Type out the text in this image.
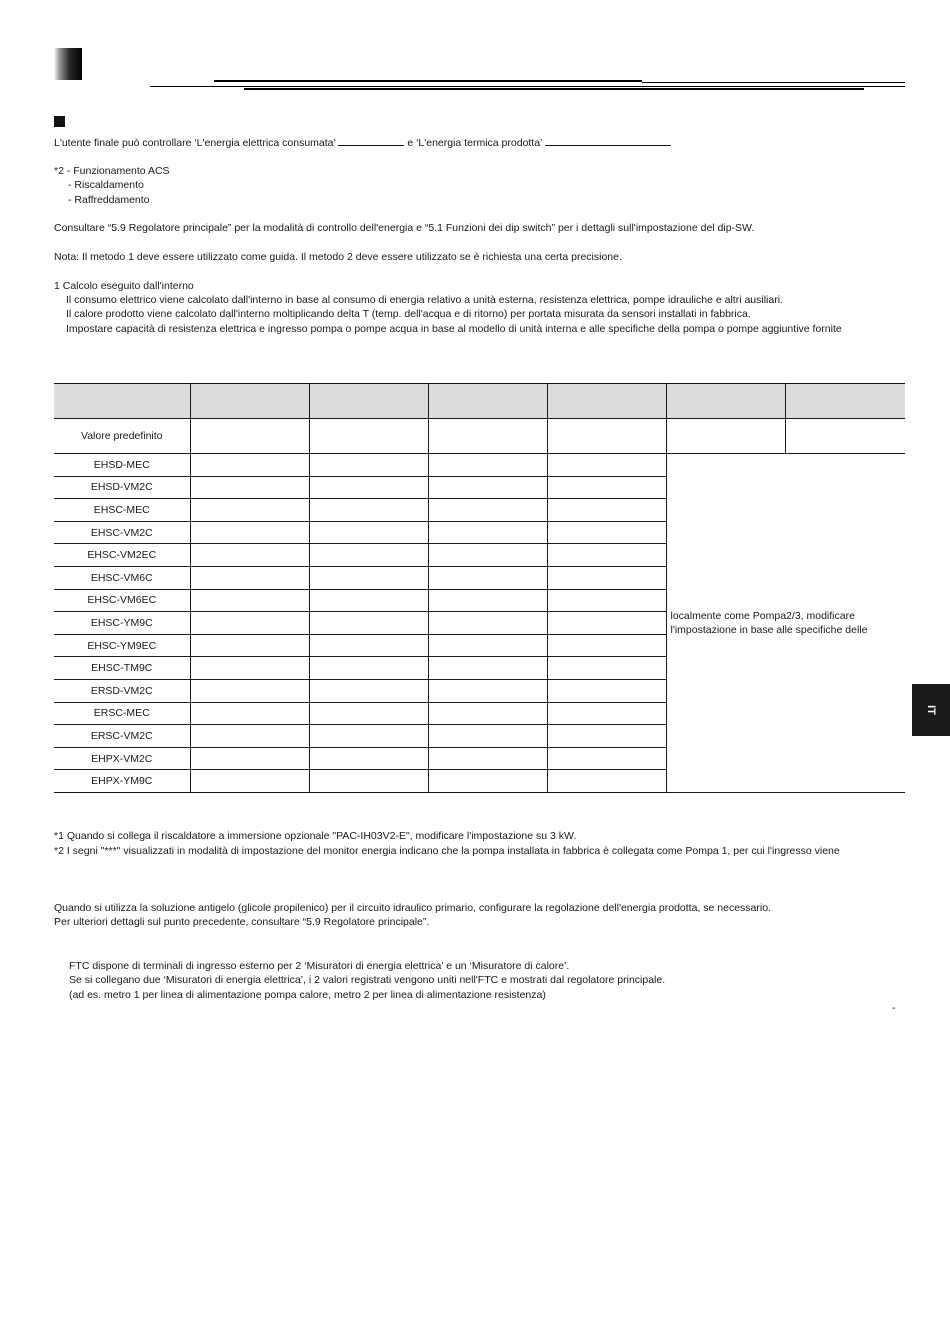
L'utente finale può controllare ‘L'energia elettrica consumata’	e ‘L'energia termica prodotta’
*2 - Funzionamento ACS
- Riscaldamento
- Raffreddamento
Consultare “5.9 Regolatore principale” per la modalità di controllo dell'energia e “5.1 Funzioni dei dip switch” per i dettagli sull'impostazione del dip-SW.
Nota: Il metodo 1 deve essere utilizzato come guida. Il metodo 2 deve essere utilizzato se è richiesta una certa precisione.
1 Calcolo eseguito dall'interno
Il consumo elettrico viene calcolato dall'interno in base al consumo di energia relativo a unità esterna, resistenza elettrica, pompe idrauliche e altri ausiliari.
Il calore prodotto viene calcolato dall'interno moltiplicando delta T (temp. dell'acqua e di ritorno) per portata misurata da sensori installati in fabbrica.
Impostare capacità di resistenza elettrica e ingresso pompa o pompe acqua in base al modello di unità interna e alle specifiche della pompa o pompe aggiuntive fornite

Valore predefinito						
EHSD-MEC					localmente come Pompa2/3, modificare
l'impostazione in base alle specifiche delle	

EHSD-VM2C						
EHSC-MEC						
EHSC-VM2C						
EHSC-VM2EC						
EHSC-VM6C						
EHSC-VM6EC						
EHSC-YM9C						
EHSC-YM9EC						
EHSC-TM9C						
ERSD-VM2C						
ERSC-MEC						
ERSC-VM2C						
EHPX-VM2C						
EHPX-YM9C						
*1 Quando si collega il riscaldatore a immersione opzionale "PAC-IH03V2-E", modificare l'impostazione su 3 kW.
*2 I segni "***" visualizzati in modalità di impostazione del monitor energia indicano che la pompa installata in fabbrica è collegata come Pompa 1, per cui l'ingresso viene
Quando si utilizza la soluzione antigelo (glicole propilenico) per il circuito idraulico primario, configurare la regolazione dell'energia prodotta, se necessario.
Per ulteriori dettagli sul punto precedente, consultare “5.9 Regolatore principale”.
FTC dispone di terminali di ingresso esterno per 2 ‘Misuratori di energia elettrica’ e un ‘Misuratore di calore’.
Se si collegano due ‘Misuratori di energia elettrica’, i 2 valori registrati vengono uniti nell'FTC e mostrati dal regolatore principale.
(ad es. metro 1 per linea di alimentazione pompa calore, metro 2 per linea di alimentazione resistenza)
-
IT
